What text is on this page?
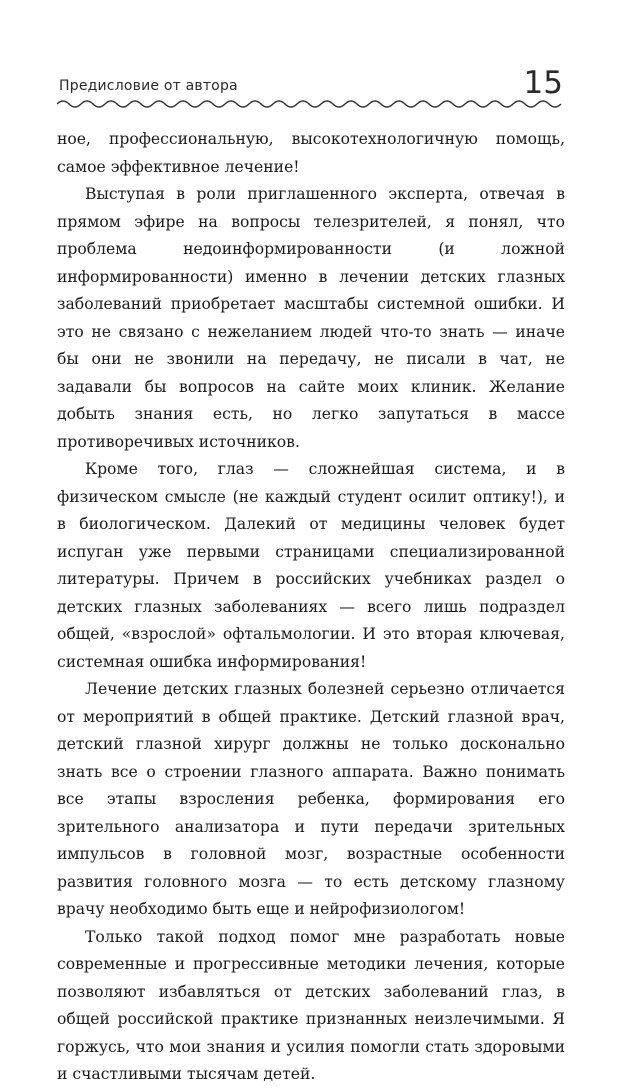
Предисловие от автора	15

ное, профессиональную, высокотехнологичную помощь, самое эффективное лечение!

Выступая в роли приглашенного эксперта, отвечая в прямом эфире на вопросы телезрителей, я понял, что проблема недоинформированности (и ложной информированности) именно в лечении детских глазных заболеваний приобретает масштабы системной ошибки. И это не связано с нежеланием людей что-то знать — иначе бы они не звонили на передачу, не писали в чат, не задавали бы вопросов на сайте моих клиник. Желание добыть знания есть, но легко запутаться в массе противоречивых источников.

Кроме того, глаз — сложнейшая система, и в физическом смысле (не каждый студент осилит оптику!), и в биологическом. Далекий от медицины человек будет испуган уже первыми страницами специализированной литературы. Причем в российских учебниках раздел о детских глазных заболеваниях — всего лишь подраздел общей, «взрослой» офтальмологии. И это вторая ключевая, системная ошибка информирования!

Лечение детских глазных болезней серьезно отличается от мероприятий в общей практике. Детский глазной врач, детский глазной хирург должны не только досконально знать все о строении глазного аппарата. Важно понимать все этапы взросления ребенка, формирования его зрительного анализатора и пути передачи зрительных импульсов в головной мозг, возрастные особенности развития головного мозга — то есть детскому глазному врачу необходимо быть еще и нейрофизиологом!

Только такой подход помог мне разработать новые современные и прогрессивные методики лечения, которые позволяют избавляться от детских заболеваний глаз, в общей российской практике признанных неизлечимыми. Я горжусь, что мои знания и усилия помогли стать здоровыми и счастливыми тысячам детей.
